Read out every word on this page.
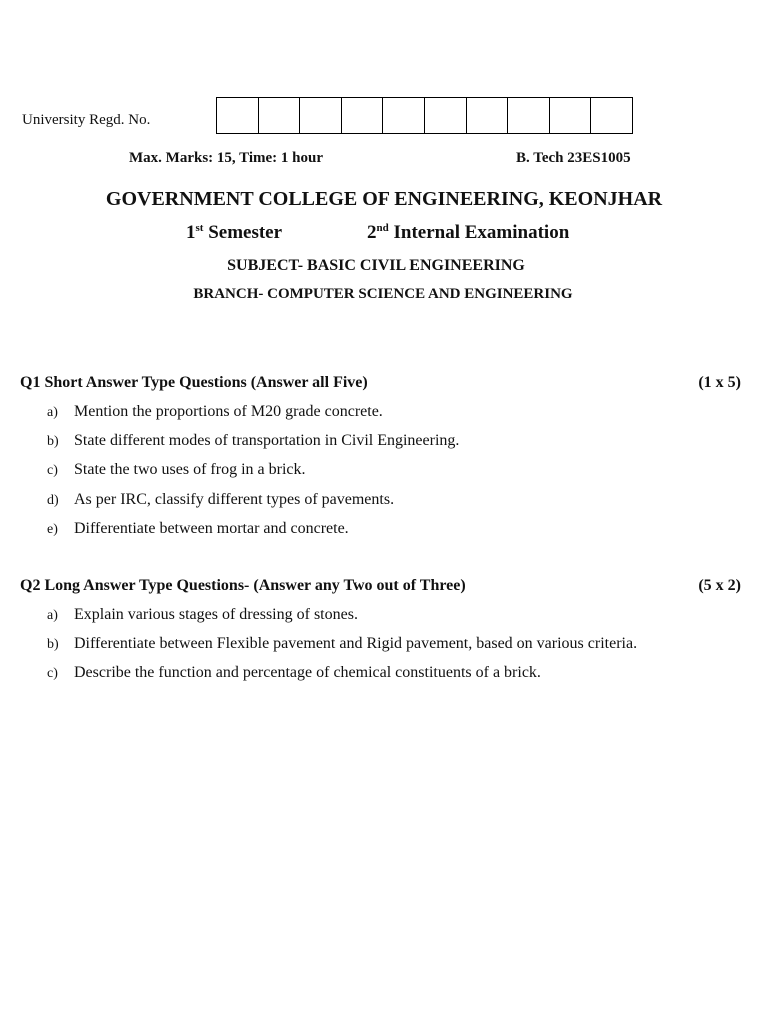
University Regd. No.
Max. Marks: 15, Time: 1 hour	B. Tech 23ES1005
GOVERNMENT COLLEGE OF ENGINEERING, KEONJHAR
1st Semester	2nd Internal Examination
SUBJECT- BASIC CIVIL ENGINEERING
BRANCH- COMPUTER SCIENCE AND ENGINEERING
Q1 Short Answer Type Questions (Answer all Five)	(1 x 5)
a)	Mention the proportions of M20 grade concrete.
b) State different modes of transportation in Civil Engineering.
c)	State the two uses of frog in a brick.
d) As per IRC, classify different types of pavements.
e)	Differentiate between mortar and concrete.
Q2 Long Answer Type Questions- (Answer any Two out of Three)	(5 x 2)
a)	Explain various stages of dressing of stones.
b) Differentiate between Flexible pavement and Rigid pavement, based on various criteria.
c)	Describe the function and percentage of chemical constituents of a brick.
